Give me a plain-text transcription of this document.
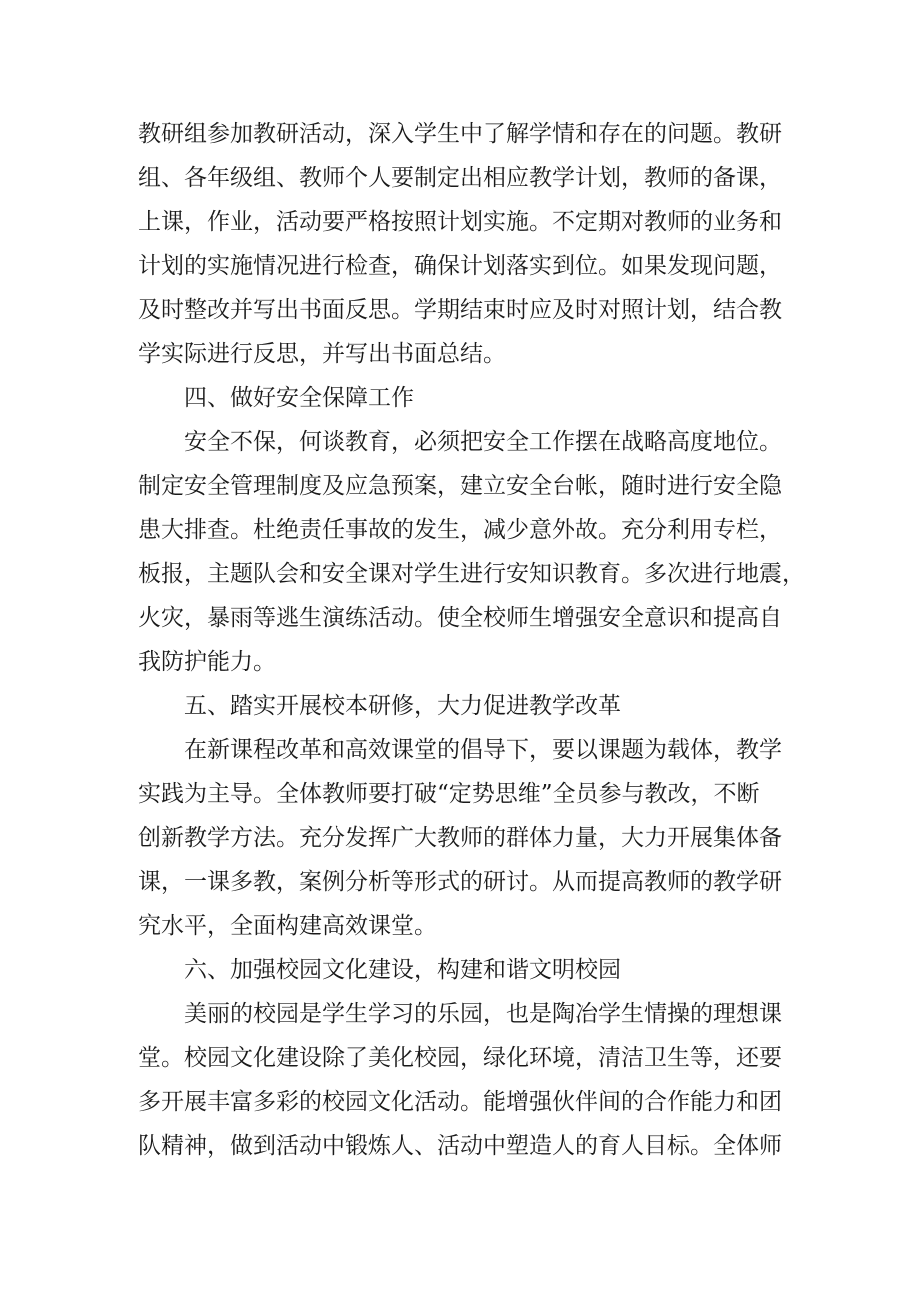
教研组参加教研活动，深入学生中了解学情和存在的问题。教研
组、各年级组、教师个人要制定出相应教学计划，教师的备课，
上课，作业，活动要严格按照计划实施。不定期对教师的业务和
计划的实施情况进行检查，确保计划落实到位。如果发现问题，
及时整改并写出书面反思。学期结束时应及时对照计划，结合教
学实际进行反思，并写出书面总结。
四、做好安全保障工作
安全不保，何谈教育，必须把安全工作摆在战略高度地位。
制定安全管理制度及应急预案，建立安全台帐，随时进行安全隐
患大排查。杜绝责任事故的发生，减少意外故。充分利用专栏，
板报，主题队会和安全课对学生进行安知识教育。多次进行地震，
火灾，暴雨等逃生演练活动。使全校师生增强安全意识和提高自
我防护能力。
五、踏实开展校本研修，大力促进教学改革
在新课程改革和高效课堂的倡导下，要以课题为载体，教学
实践为主导。全体教师要打破“定势思维”全员参与教改，不断
创新教学方法。充分发挥广大教师的群体力量，大力开展集体备
课，一课多教，案例分析等形式的研讨。从而提高教师的教学研
究水平，全面构建高效课堂。
六、加强校园文化建设，构建和谐文明校园
美丽的校园是学生学习的乐园，也是陶冶学生情操的理想课
堂。校园文化建设除了美化校园，绿化环境，清洁卫生等，还要
多开展丰富多彩的校园文化活动。能增强伙伴间的合作能力和团
队精神，做到活动中锻炼人、活动中塑造人的育人目标。全体师
